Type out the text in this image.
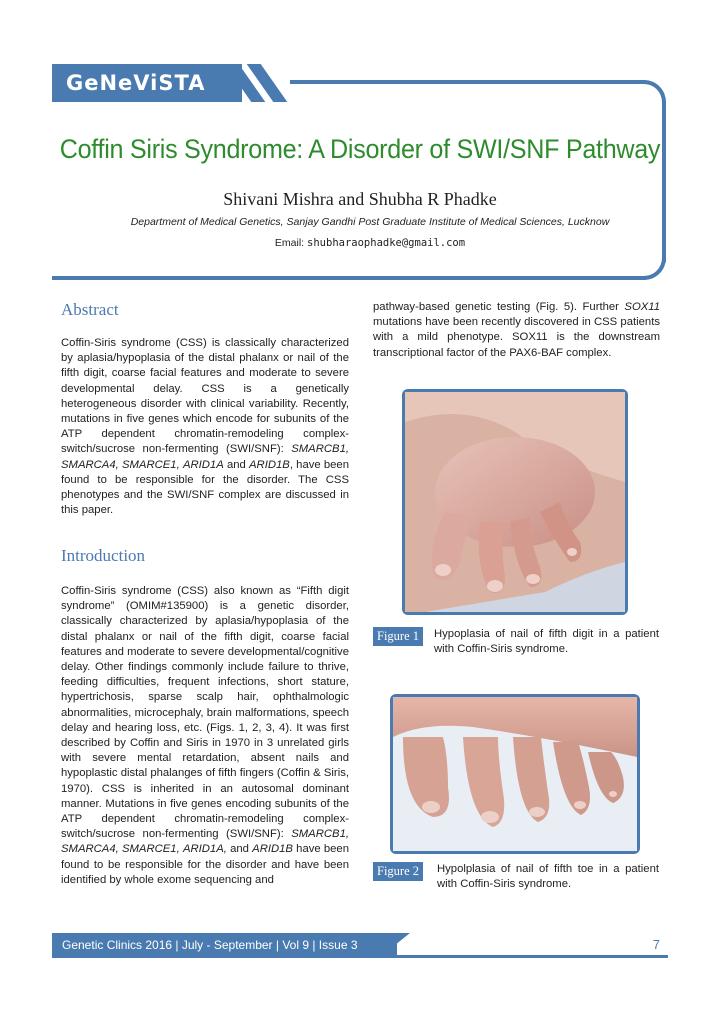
GeNeViSTA
Coffin Siris Syndrome: A Disorder of SWI/SNF Pathway
Shivani Mishra and Shubha R Phadke
Department of Medical Genetics, Sanjay Gandhi Post Graduate Institute of Medical Sciences, Lucknow
Email: shubharaophadke@gmail.com
Abstract

Coffin-Siris syndrome (CSS) is classically characterized by aplasia/hypoplasia of the distal phalanx or nail of the fifth digit, coarse facial features and moderate to severe developmental delay. CSS is a genetically heterogeneous disorder with clinical variability. Recently, mutations in five genes which encode for subunits of the ATP dependent chromatin-remodeling complex- switch/sucrose non-fermenting (SWI/SNF): SMARCB1, SMARCA4, SMARCE1, ARID1A and ARID1B, have been found to be responsible for the disorder. The CSS phenotypes and the SWI/SNF complex are discussed in this paper.

Introduction

Coffin-Siris syndrome (CSS) also known as “Fifth digit syndrome” (OMIM#135900) is a genetic disorder, classically characterized by aplasia/hypoplasia of the distal phalanx or nail of the fifth digit, coarse facial features and moderate to severe developmental/cognitive delay. Other findings commonly include failure to thrive, feeding difficulties, frequent infections, short stature, hypertrichosis, sparse scalp hair, ophthalmologic abnormalities, microcephaly, brain malformations, speech delay and hearing loss, etc. (Figs. 1, 2, 3, 4). It was first described by Coffin and Siris in 1970 in 3 unrelated girls with severe mental retardation, absent nails and hypoplastic distal phalanges of fifth fingers (Coffin & Siris, 1970). CSS is inherited in an autosomal dominant manner. Mutations in five genes encoding subunits of the ATP dependent chromatin-remodeling complex- switch/sucrose non-fermenting (SWI/SNF): SMARCB1, SMARCA4, SMARCE1, ARID1A, and ARID1B have been found to be responsible for the disorder and have been identified by whole exome sequencing and

pathway-based genetic testing (Fig. 5). Further SOX11 mutations have been recently discovered in CSS patients with a mild phenotype. SOX11 is the downstream transcriptional factor of the PAX6-BAF complex.

Figure 1	Hypoplasia of nail of fifth digit in a patient with Coffin-Siris syndrome.
Figure 2	Hypolplasia of nail of fifth toe in a patient with Coffin-Siris syndrome.
Genetic Clinics 2016 | July - September | Vol 9 | Issue 3	7
